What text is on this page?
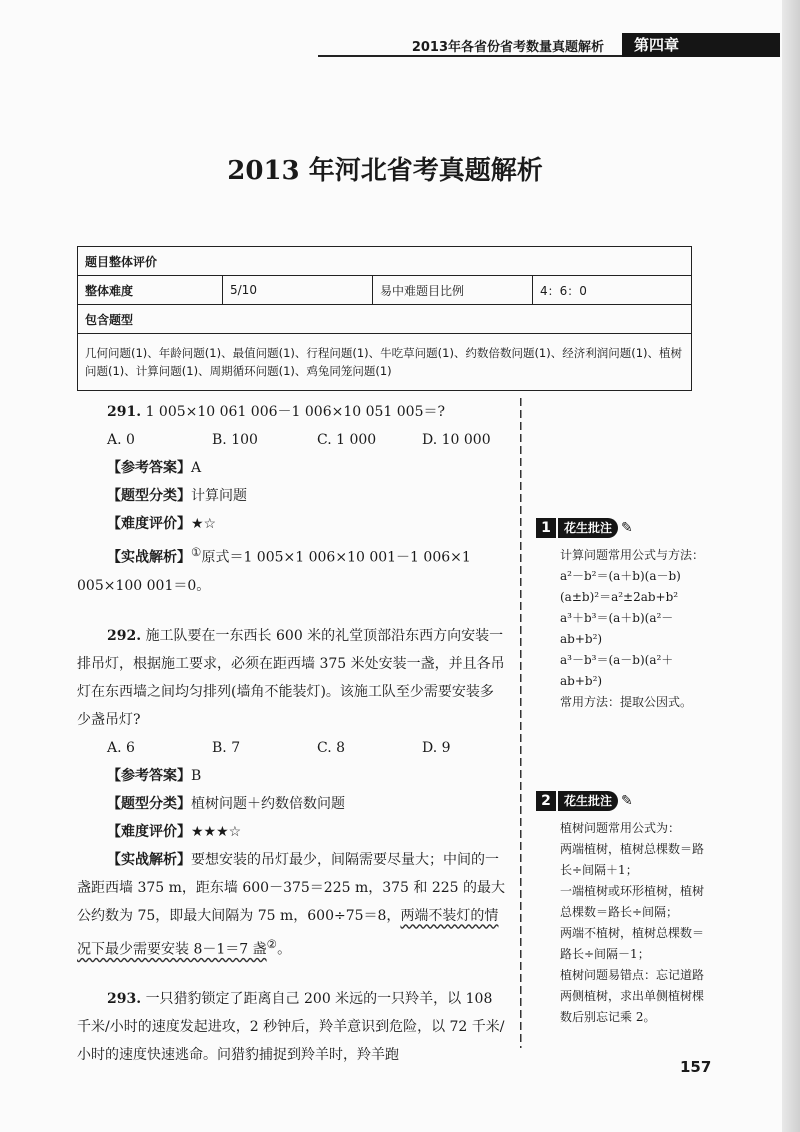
2013年各省份省考数量真题解析	第四章
2013 年河北省考真题解析
题目整体评价
整体难度	5/10	易中难题目比例	4：6：0
包含题型
几何问题(1)、年龄问题(1)、最值问题(1)、行程问题(1)、牛吃草问题(1)、约数倍数问题(1)、经济利润问题(1)、植树问题(1)、计算问题(1)、周期循环问题(1)、鸡兔同笼问题(1)

291. 1 005×10 061 006－1 006×10 051 005＝?

A. 0	B. 100	C. 1 000	D. 10 000

【参考答案】A

【题型分类】计算问题

【难度评价】★☆

【实战解析】①原式＝1 005×1 006×10 001－1 006×1 005×100 001＝0。

292. 施工队要在一东西长 600 米的礼堂顶部沿东西方向安装一排吊灯，根据施工要求，必须在距西墙 375 米处安装一盏，并且各吊灯在东西墙之间均匀排列(墙角不能装灯)。该施工队至少需要安装多少盏吊灯?

A. 6	B. 7	C. 8	D. 9

【参考答案】B

【题型分类】植树问题＋约数倍数问题

【难度评价】★★★☆

【实战解析】要想安装的吊灯最少，间隔需要尽量大；中间的一盏距西墙 375 m，距东墙 600－375＝225 m，375 和 225 的最大公约数为 75，即最大间隔为 75 m，600÷75＝8，两端不装灯的情况下最少需要安装 8－1＝7 盏②。

293. 一只猎豹锁定了距离自己 200 米远的一只羚羊，以 108 千米/小时的速度发起进攻，2 秒钟后，羚羊意识到危险，以 72 千米/小时的速度快速逃命。问猎豹捕捉到羚羊时，羚羊跑

1	花生批注 ✎

计算问题常用公式与方法：

a²－b²＝(a＋b)(a－b)

(a±b)²＝a²±2ab+b²

a³＋b³＝(a＋b)(a²－ab+b²)

a³－b³＝(a－b)(a²＋ab+b²)

常用方法：提取公因式。

2	花生批注 ✎

植树问题常用公式为：

两端植树，植树总棵数＝路长÷间隔＋1；

一端植树或环形植树，植树总棵数＝路长÷间隔；

两端不植树，植树总棵数＝路长÷间隔－1；

植树问题易错点：忘记道路两侧植树，求出单侧植树棵数后别忘记乘 2。

157
